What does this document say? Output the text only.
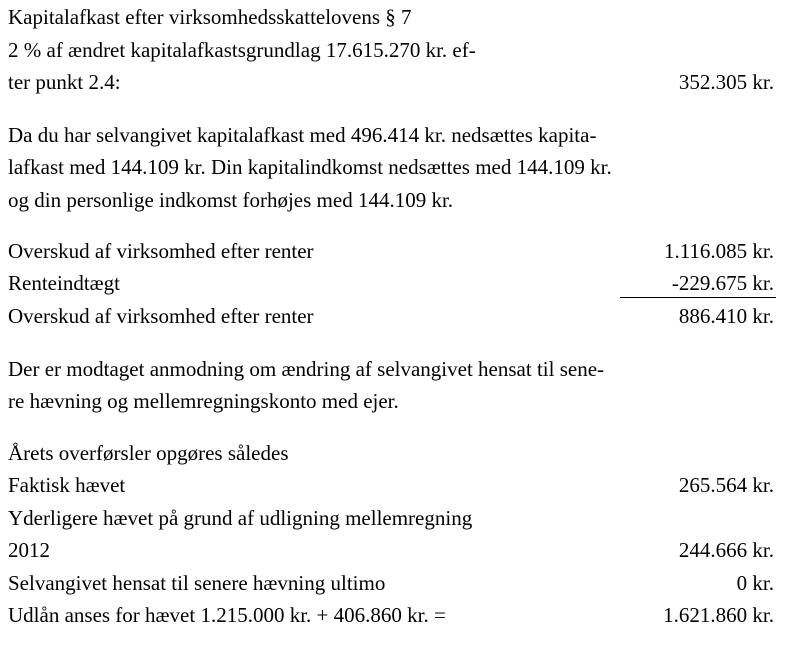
Kapitalafkast efter virksomhedsskattelovens § 7
2 % af ændret kapitalafkastsgrundlag 17.615.270 kr. ef-
ter punkt 2.4:	352.305 kr.
Da du har selvangivet kapitalafkast med 496.414 kr. nedsættes kapita-
lafkast med 144.109 kr. Din kapitalindkomst nedsættes med 144.109 kr.
og din personlige indkomst forhøjes med 144.109 kr.
Overskud af virksomhed efter renter	1.116.085 kr.
Renteindtægt	-229.675 kr.
Overskud af virksomhed efter renter	886.410 kr.
Der er modtaget anmodning om ændring af selvangivet hensat til sene-
re hævning og mellemregningskonto med ejer.
Årets overførsler opgøres således
Faktisk hævet	265.564 kr.
Yderligere hævet på grund af udligning mellemregning
2012	244.666 kr.
Selvangivet hensat til senere hævning ultimo	0 kr.
Udlån anses for hævet 1.215.000 kr. + 406.860 kr. =	1.621.860 kr.
